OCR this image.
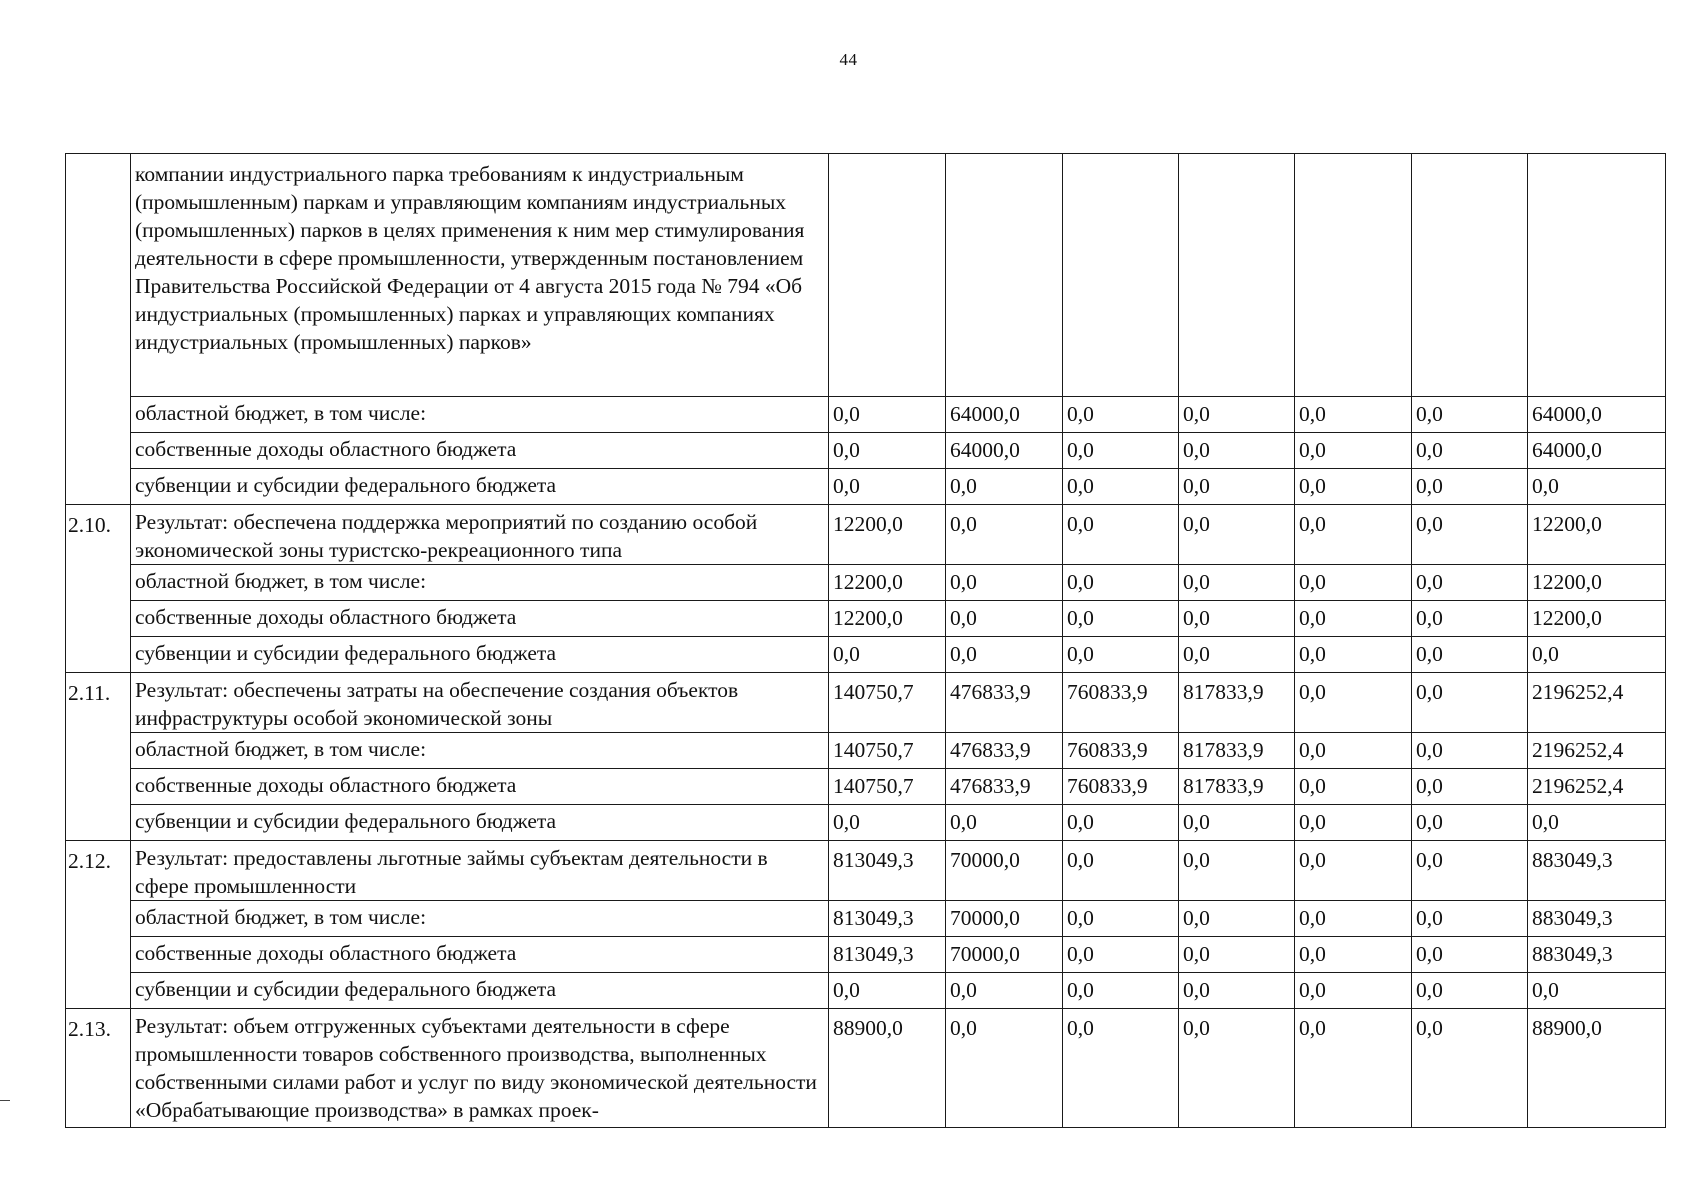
44

	компании индустриального парка требованиям к индустриальным (промышленным) паркам и управляющим компаниям индустриальных (промышленных) парков в целях применения к ним мер стимулирования деятельности в сфере промышленности, утвержденным постановлением Правительства Российской Федерации от 4 августа 2015 года № 794 «Об индустриальных (промышленных) парках и управляющих компаниях индустриальных (промышленных) парков»							

	областной бюджет, в том числе:	0,0	64000,0	0,0	0,0	0,0	0,0	64000,0
	собственные доходы областного бюджета	0,0	64000,0	0,0	0,0	0,0	0,0	64000,0
	субвенции и субсидии федерального бюджета	0,0	0,0	0,0	0,0	0,0	0,0	0,0
2.10.	Результат: обеспечена поддержка мероприятий по созданию особой экономической зоны туристско-рекреационного типа	12200,0	0,0	0,0	0,0	0,0	0,0	12200,0
	областной бюджет, в том числе:	12200,0	0,0	0,0	0,0	0,0	0,0	12200,0
	собственные доходы областного бюджета	12200,0	0,0	0,0	0,0	0,0	0,0	12200,0
	субвенции и субсидии федерального бюджета	0,0	0,0	0,0	0,0	0,0	0,0	0,0
2.11.	Результат: обеспечены затраты на обеспечение создания объектов инфраструктуры особой экономической зоны	140750,7	476833,9	760833,9	817833,9	0,0	0,0	2196252,4
	областной бюджет, в том числе:	140750,7	476833,9	760833,9	817833,9	0,0	0,0	2196252,4
	собственные доходы областного бюджета	140750,7	476833,9	760833,9	817833,9	0,0	0,0	2196252,4
	субвенции и субсидии федерального бюджета	0,0	0,0	0,0	0,0	0,0	0,0	0,0
2.12.	Результат: предоставлены льготные займы субъектам деятельности в сфере промышленности	813049,3	70000,0	0,0	0,0	0,0	0,0	883049,3
	областной бюджет, в том числе:	813049,3	70000,0	0,0	0,0	0,0	0,0	883049,3
	собственные доходы областного бюджета	813049,3	70000,0	0,0	0,0	0,0	0,0	883049,3
	субвенции и субсидии федерального бюджета	0,0	0,0	0,0	0,0	0,0	0,0	0,0
2.13.	Результат: объем отгруженных субъектами деятельности в сфере промышленности товаров собственного производства, выполненных собственными силами работ и услуг по виду экономической деятельности «Обрабатывающие производства» в рамках проек-	88900,0	0,0	0,0	0,0	0,0	0,0	88900,0
